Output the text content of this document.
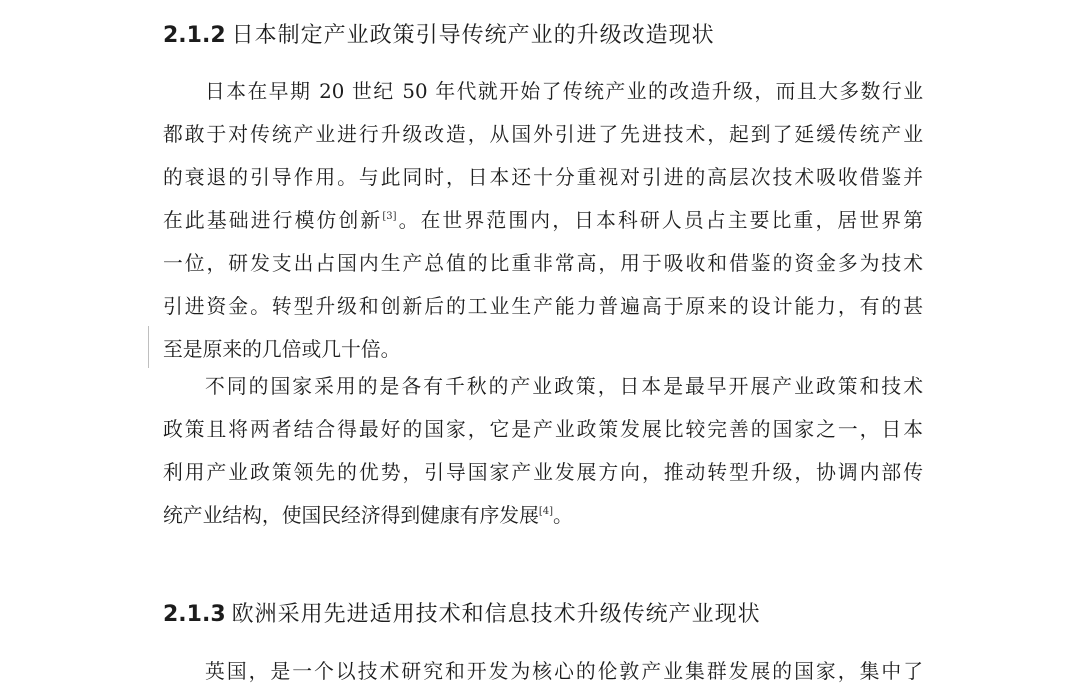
2.1.2 日本制定产业政策引导传统产业的升级改造现状
日本在早期 20 世纪 50 年代就开始了传统产业的改造升级，而且大多数行业
都敢于对传统产业进行升级改造，从国外引进了先进技术，起到了延缓传统产业
的衰退的引导作用。与此同时，日本还十分重视对引进的高层次技术吸收借鉴并
在此基础进行模仿创新[3]。在世界范围内，日本科研人员占主要比重，居世界第
一位，研发支出占国内生产总值的比重非常高，用于吸收和借鉴的资金多为技术
引进资金。转型升级和创新后的工业生产能力普遍高于原来的设计能力，有的甚
至是原来的几倍或几十倍。
不同的国家采用的是各有千秋的产业政策，日本是最早开展产业政策和技术
政策且将两者结合得最好的国家，它是产业政策发展比较完善的国家之一，日本
利用产业政策领先的优势，引导国家产业发展方向，推动转型升级，协调内部传
统产业结构，使国民经济得到健康有序发展[4]。
2.1.3 欧洲采用先进适用技术和信息技术升级传统产业现状
英国，是一个以技术研究和开发为核心的伦敦产业集群发展的国家，集中了
